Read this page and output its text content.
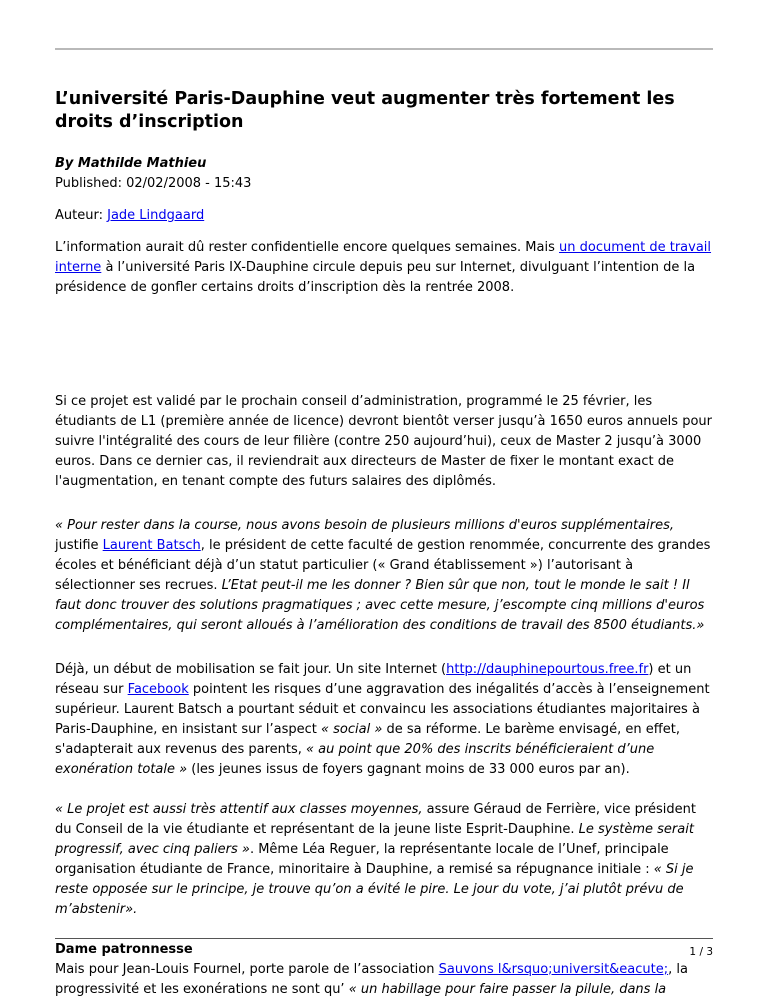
L’université Paris-Dauphine veut augmenter très fortement les droits d’inscription

By Mathilde Mathieu

Published: 02/02/2008 - 15:43

Auteur: Jade Lindgaard

L’information aurait dû rester confidentielle encore quelques semaines. Mais un document de travail interne à l’université Paris IX-Dauphine circule depuis peu sur Internet, divulguant l’intention de la présidence de gonfler certains droits d’inscription dès la rentrée 2008.

Si ce projet est validé par le prochain conseil d’administration, programmé le 25 février, les étudiants de L1 (première année de licence) devront bientôt verser jusqu’à 1650 euros annuels pour suivre l'intégralité des cours de leur filière (contre 250 aujourd’hui), ceux de Master 2 jusqu’à 3000 euros. Dans ce dernier cas, il reviendrait aux directeurs de Master de fixer le montant exact de l'augmentation, en tenant compte des futurs salaires des diplômés.

« Pour rester dans la course, nous avons besoin de plusieurs millions d'euros supplémentaires, justifie Laurent Batsch, le président de cette faculté de gestion renommée, concurrente des grandes écoles et bénéficiant déjà d’un statut particulier (« Grand établissement ») l’autorisant à sélectionner ses recrues. L’Etat peut-il me les donner ? Bien sûr que non, tout le monde le sait ! Il faut donc trouver des solutions pragmatiques ; avec cette mesure, j’escompte cinq millions d'euros complémentaires, qui seront alloués à l’amélioration des conditions de travail des 8500 étudiants.»

Déjà, un début de mobilisation se fait jour. Un site Internet (http://dauphinepourtous.free.fr) et un réseau sur Facebook pointent les risques d’une aggravation des inégalités d’accès à l’enseignement supérieur. Laurent Batsch a pourtant séduit et convaincu les associations étudiantes majoritaires à Paris-Dauphine, en insistant sur l’aspect « social » de sa réforme. Le barème envisagé, en effet, s'adapterait aux revenus des parents, « au point que 20% des inscrits bénéficieraient d’une exonération totale » (les jeunes issus de foyers gagnant moins de 33 000 euros par an).

« Le projet est aussi très attentif aux classes moyennes, assure Géraud de Ferrière, vice président du Conseil de la vie étudiante et représentant de la jeune liste Esprit-Dauphine. Le système serait progressif, avec cinq paliers ». Même Léa Reguer, la représentante locale de l’Unef, principale organisation étudiante de France, minoritaire à Dauphine, a remisé sa répugnance initiale : « Si je reste opposée sur le principe, je trouve qu’on a évité le pire. Le jour du vote, j’ai plutôt prévu de m’abstenir».

Dame patronnesse

Mais pour Jean-Louis Fournel, porte parole de l’association Sauvons l&rsquo;universit&eacute;, la progressivité et les exonérations ne sont qu’ « un habillage pour faire passer la pilule, dans la

1 / 3
